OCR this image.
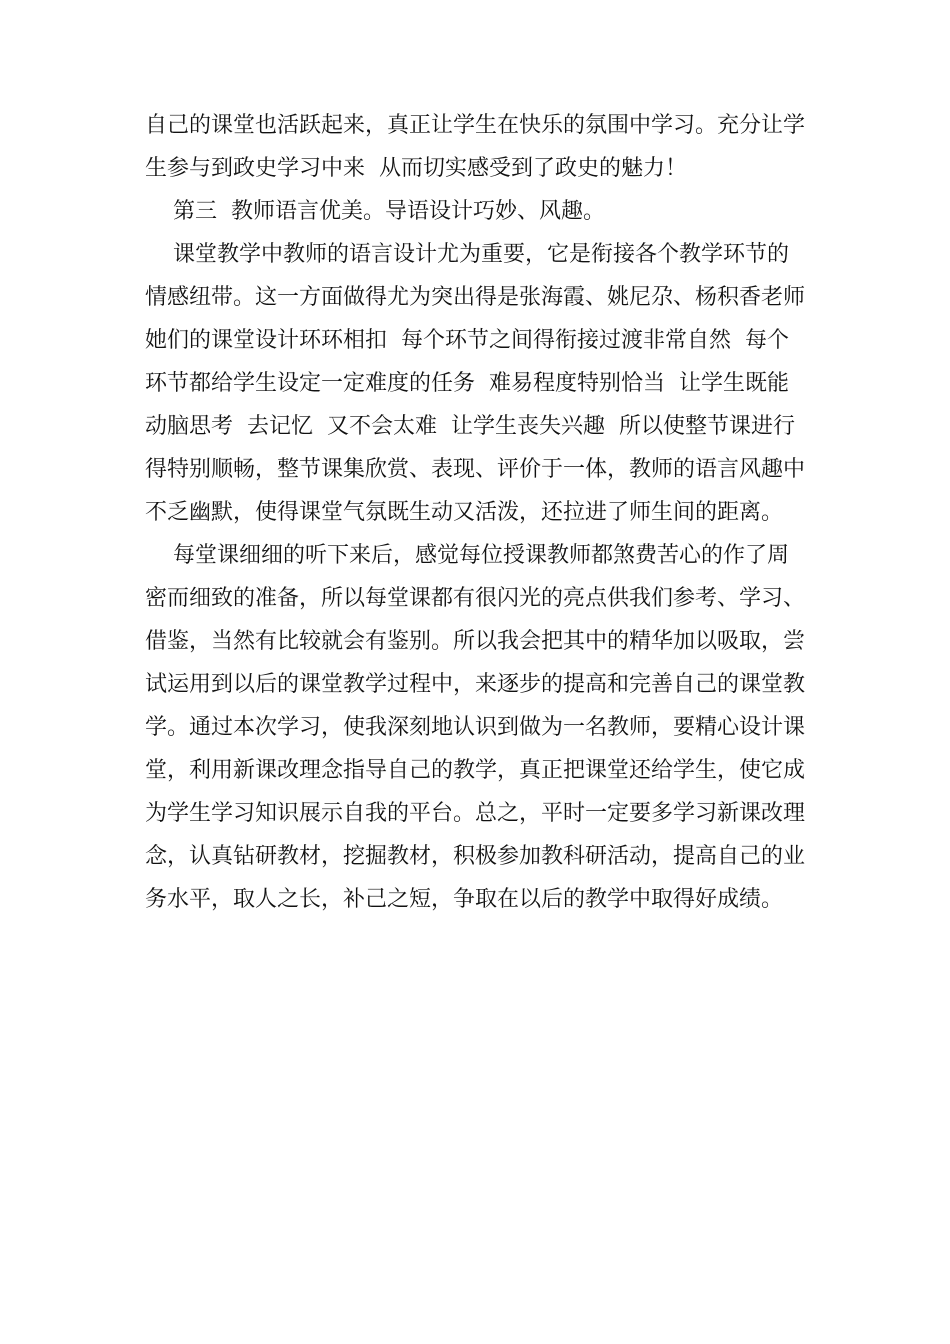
自己的课堂也活跃起来，真正让学生在快乐的氛围中学习。充分让学
生参与到政史学习中来  从而切实感受到了政史的魅力！
第三  教师语言优美。导语设计巧妙、风趣。
课堂教学中教师的语言设计尤为重要，它是衔接各个教学环节的
情感纽带。这一方面做得尤为突出得是张海霞、姚尼尕、杨积香老师
她们的课堂设计环环相扣  每个环节之间得衔接过渡非常自然  每个
环节都给学生设定一定难度的任务  难易程度特别恰当  让学生既能
动脑思考  去记忆  又不会太难  让学生丧失兴趣  所以使整节课进行
得特别顺畅，整节课集欣赏、表现、评价于一体，教师的语言风趣中
不乏幽默，使得课堂气氛既生动又活泼，还拉进了师生间的距离。
每堂课细细的听下来后，感觉每位授课教师都煞费苦心的作了周
密而细致的准备，所以每堂课都有很闪光的亮点供我们参考、学习、
借鉴，当然有比较就会有鉴别。所以我会把其中的精华加以吸取，尝
试运用到以后的课堂教学过程中，来逐步的提高和完善自己的课堂教
学。通过本次学习，使我深刻地认识到做为一名教师，要精心设计课
堂，利用新课改理念指导自己的教学，真正把课堂还给学生，使它成
为学生学习知识展示自我的平台。总之，平时一定要多学习新课改理
念，认真钻研教材，挖掘教材，积极参加教科研活动，提高自己的业
务水平，取人之长，补己之短，争取在以后的教学中取得好成绩。
